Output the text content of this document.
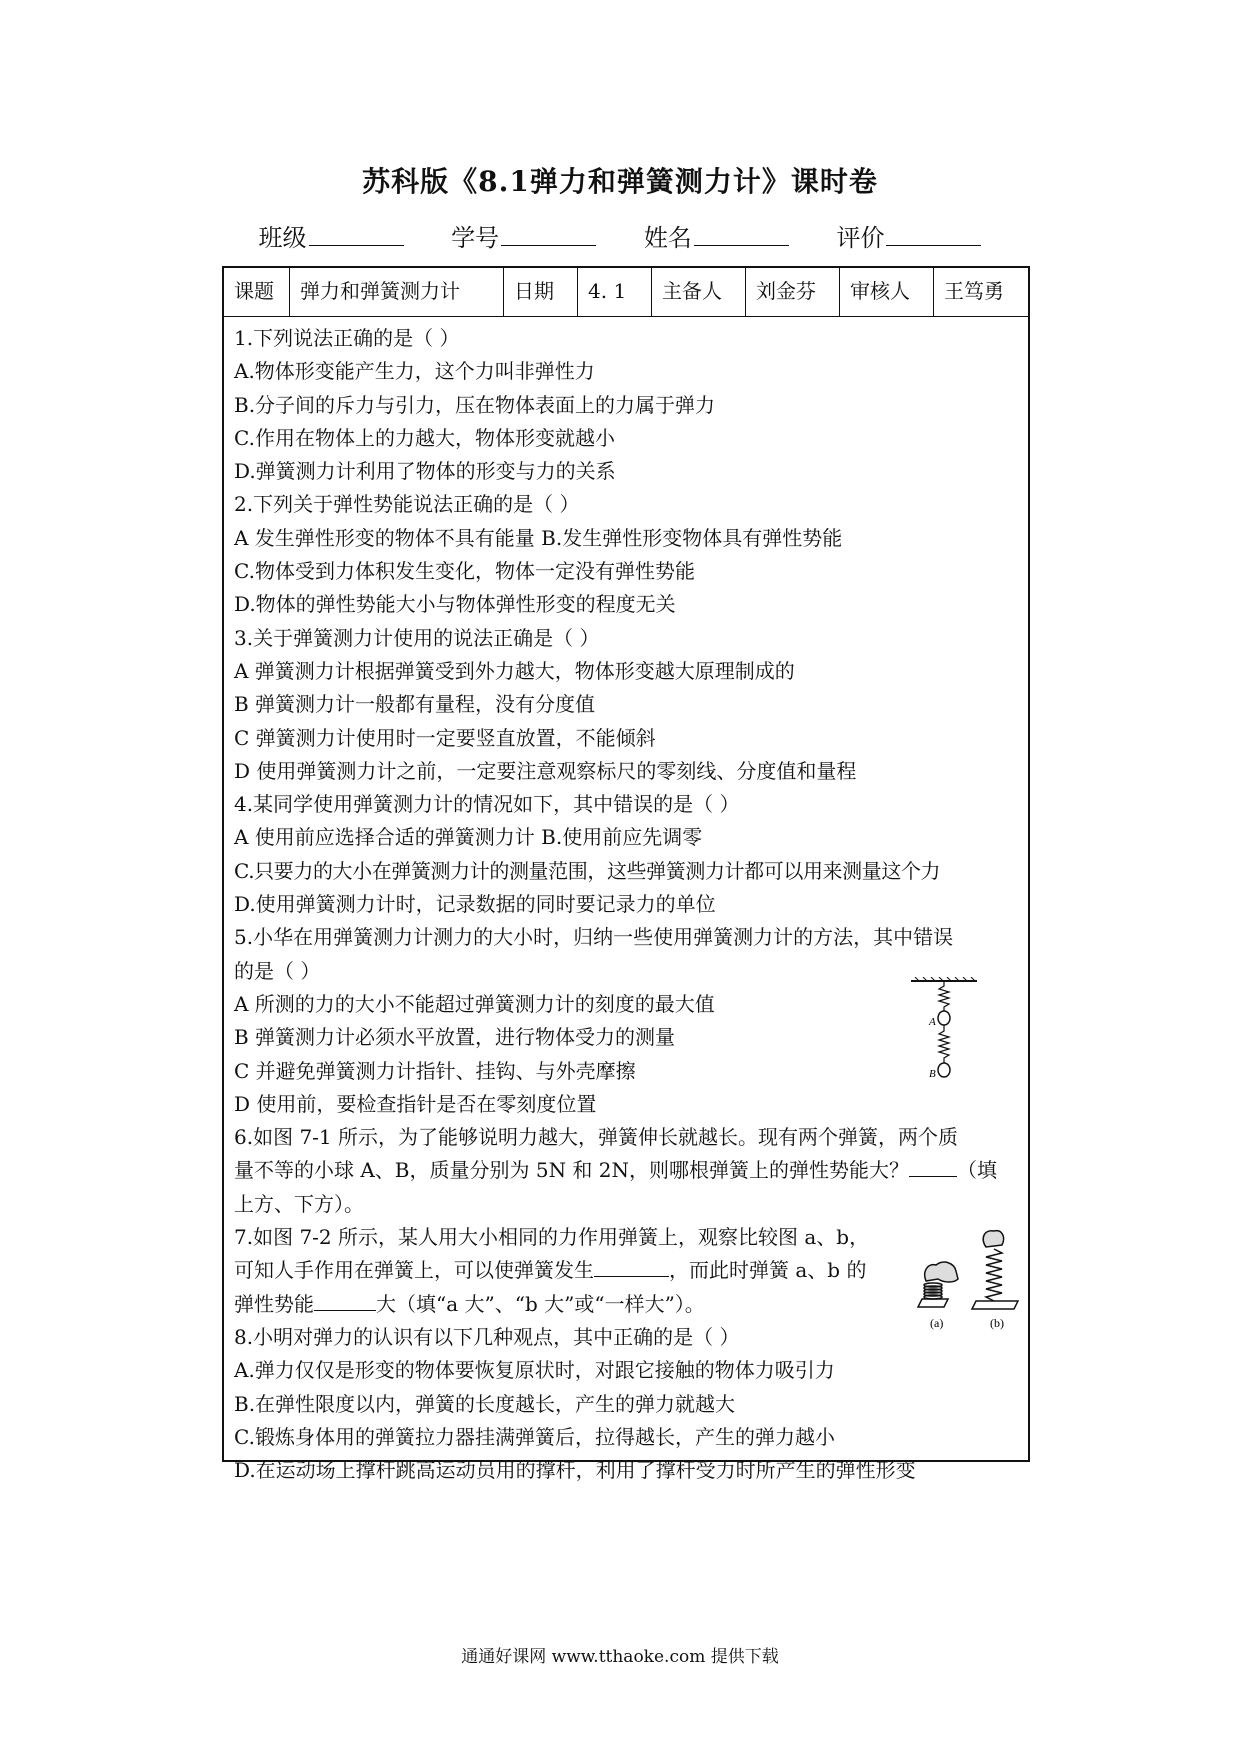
苏科版《8.1弹力和弹簧测力计》课时卷
班级	学号	姓名	评价
课题	弹力和弹簧测力计	日期	4. 1	主备人	刘金芬	审核人	王笃勇
1.下列说法正确的是（ ）
A.物体形变能产生力，这个力叫非弹性力
B.分子间的斥力与引力，压在物体表面上的力属于弹力
C.作用在物体上的力越大，物体形变就越小
D.弹簧测力计利用了物体的形变与力的关系
2.下列关于弹性势能说法正确的是（ ）
A 发生弹性形变的物体不具有能量 B.发生弹性形变物体具有弹性势能
C.物体受到力体积发生变化，物体一定没有弹性势能
D.物体的弹性势能大小与物体弹性形变的程度无关
3.关于弹簧测力计使用的说法正确是（ ）
A 弹簧测力计根据弹簧受到外力越大，物体形变越大原理制成的
B 弹簧测力计一般都有量程，没有分度值
C 弹簧测力计使用时一定要竖直放置，不能倾斜
D 使用弹簧测力计之前，一定要注意观察标尺的零刻线、分度值和量程
4.某同学使用弹簧测力计的情况如下，其中错误的是（ ）
A 使用前应选择合适的弹簧测力计 B.使用前应先调零
C.只要力的大小在弹簧测力计的测量范围，这些弹簧测力计都可以用来测量这个力
D.使用弹簧测力计时，记录数据的同时要记录力的单位
5.小华在用弹簧测力计测力的大小时，归纳一些使用弹簧测力计的方法，其中错误
的是（ ）
A 所测的力的大小不能超过弹簧测力计的刻度的最大值
B 弹簧测力计必须水平放置，进行物体受力的测量
C 并避免弹簧测力计指针、挂钩、与外壳摩擦
D 使用前，要检查指针是否在零刻度位置
6.如图 7-1 所示，为了能够说明力越大，弹簧伸长就越长。现有两个弹簧，两个质
量不等的小球 A、B，质量分别为 5N 和 2N，则哪根弹簧上的弹性势能大？ （填
上方、下方）。
7.如图 7-2 所示，某人用大小相同的力作用弹簧上，观察比较图 a、b，
可知人手作用在弹簧上，可以使弹簧发生	，而此时弹簧 a、b 的
弹性势能	大（填“a 大”、“b 大”或“一样大”）。
8.小明对弹力的认识有以下几种观点，其中正确的是（ ）
A.弹力仅仅是形变的物体要恢复原状时，对跟它接触的物体力吸引力
B.在弹性限度以内，弹簧的长度越长，产生的弹力就越大
C.锻炼身体用的弹簧拉力器挂满弹簧后，拉得越长，产生的弹力越小
D.在运动场上撑杆跳高运动员用的撑杆，利用了撑杆受力时所产生的弹性形变
A
B
(a)	(b)
通通好课网 www.tthaoke.com 提供下载
